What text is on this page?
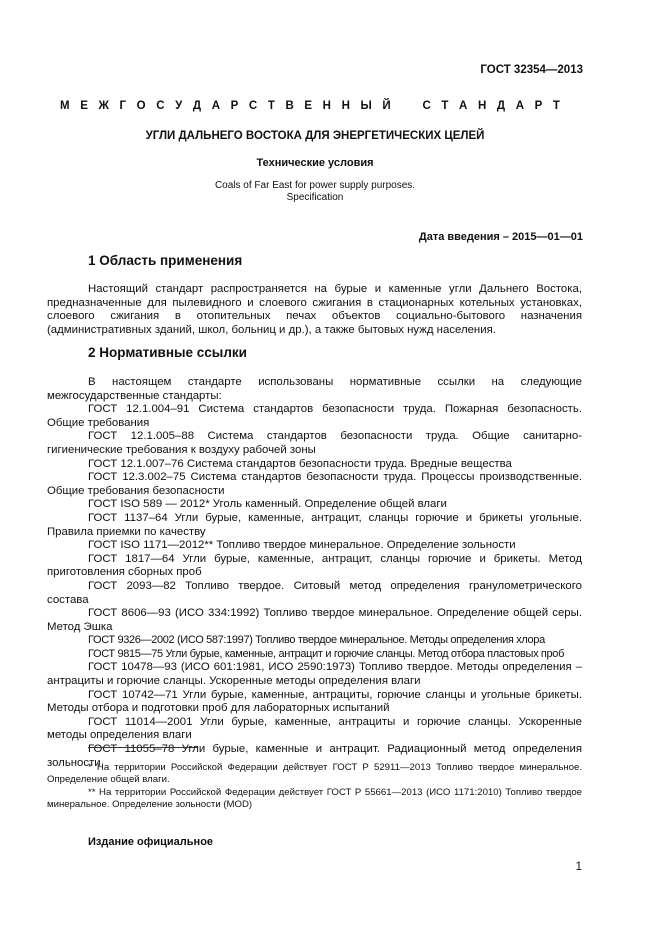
ГОСТ 32354—2013
М Е Ж Г О С У Д А Р С Т В Е Н Н Ы Й	С Т А Н Д А Р Т
УГЛИ ДАЛЬНЕГО ВОСТОКА ДЛЯ ЭНЕРГЕТИЧЕСКИХ ЦЕЛЕЙ
Технические условия
Coals of Far East for power supply purposes.
Specification
Дата введения – 2015—01—01
1 Область применения
Настоящий стандарт распространяется на бурые и каменные угли Дальнего Востока, предназначенные для пылевидного и слоевого сжигания в стационарных котельных установках, слоевого сжигания в отопительных печах объектов социально-бытового назначения (административных зданий, школ, больниц и др.), а также бытовых нужд населения.
2 Нормативные ссылки
В настоящем стандарте использованы нормативные ссылки на следующие межгосударственные стандарты:
ГОСТ 12.1.004–91 Система стандартов безопасности труда. Пожарная безопасность. Общие требования
ГОСТ 12.1.005–88 Система стандартов безопасности труда. Общие санитарно-гигиенические требования к воздуху рабочей зоны
ГОСТ 12.1.007–76 Система стандартов безопасности труда. Вредные вещества
ГОСТ 12.3.002–75 Система стандартов безопасности труда. Процессы производственные. Общие требования безопасности
ГОСТ ISO 589 — 2012* Уголь каменный. Определение общей влаги
ГОСТ 1137–64 Угли бурые, каменные, антрацит, сланцы горючие и брикеты угольные. Правила приемки по качеству
ГОСТ ISO 1171—2012** Топливо твердое минеральное. Определение зольности
ГОСТ 1817—64 Угли бурые, каменные, антрацит, сланцы горючие и брикеты. Метод приготовления сборных проб
ГОСТ 2093—82 Топливо твердое. Ситовый метод определения гранулометрического состава
ГОСТ 8606—93 (ИСО 334:1992) Топливо твердое минеральное. Определение общей серы. Метод Эшка
ГОСТ 9326—2002 (ИСО 587:1997) Топливо твердое минеральное. Методы определения хлора
ГОСТ 9815—75 Угли бурые, каменные, антрацит и горючие сланцы. Метод отбора пластовых проб
ГОСТ 10478—93 (ИСО 601:1981, ИСО 2590:1973) Топливо твердое. Методы определения – антрациты и горючие сланцы. Ускоренные методы определения влаги
ГОСТ 10742—71 Угли бурые, каменные, антрациты, горючие сланцы и угольные брикеты. Методы отбора и подготовки проб для лабораторных испытаний
ГОСТ 11014—2001 Угли бурые, каменные, антрациты и горючие сланцы. Ускоренные методы определения влаги
ГОСТ 11055–78 Угли бурые, каменные и антрацит. Радиационный метод определения зольности
* На территории Российской Федерации действует ГОСТ Р 52911—2013 Топливо твердое минеральное. Определение общей влаги.
** На территории Российской Федерации действует ГОСТ Р 55661—2013 (ИСО 1171:2010) Топливо твердое минеральное. Определение зольности (MOD)
Издание официальное
1
